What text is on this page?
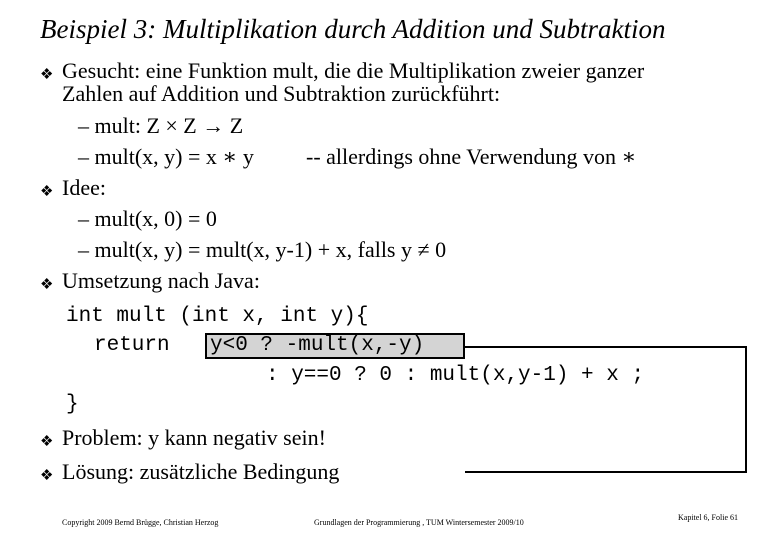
Beispiel 3: Multiplikation durch Addition und Subtraktion
❖ Gesucht: eine Funktion mult, die die Multiplikation zweier ganzer
Zahlen auf Addition und Subtraktion zurückführt:
– mult: Z × Z → Z
– mult(x, y) = x ∗ y -- allerdings ohne Verwendung von ∗
❖ Idee:
– mult(x, 0) = 0
– mult(x, y) = mult(x, y-1) + x, falls y ≠ 0
❖ Umsetzung nach Java:
int mult (int x, int y){
return y<0 ? -mult(x,-y)
: y==0 ? 0 : mult(x,y-1) + x ;
}
❖ Problem: y kann negativ sein!
❖ Lösung: zusätzliche Bedingung
Copyright 2009 Bernd Brügge, Christian Herzog	Grundlagen der Programmierung , TUM Wintersemester 2009/10
Kapitel 6, Folie 61
